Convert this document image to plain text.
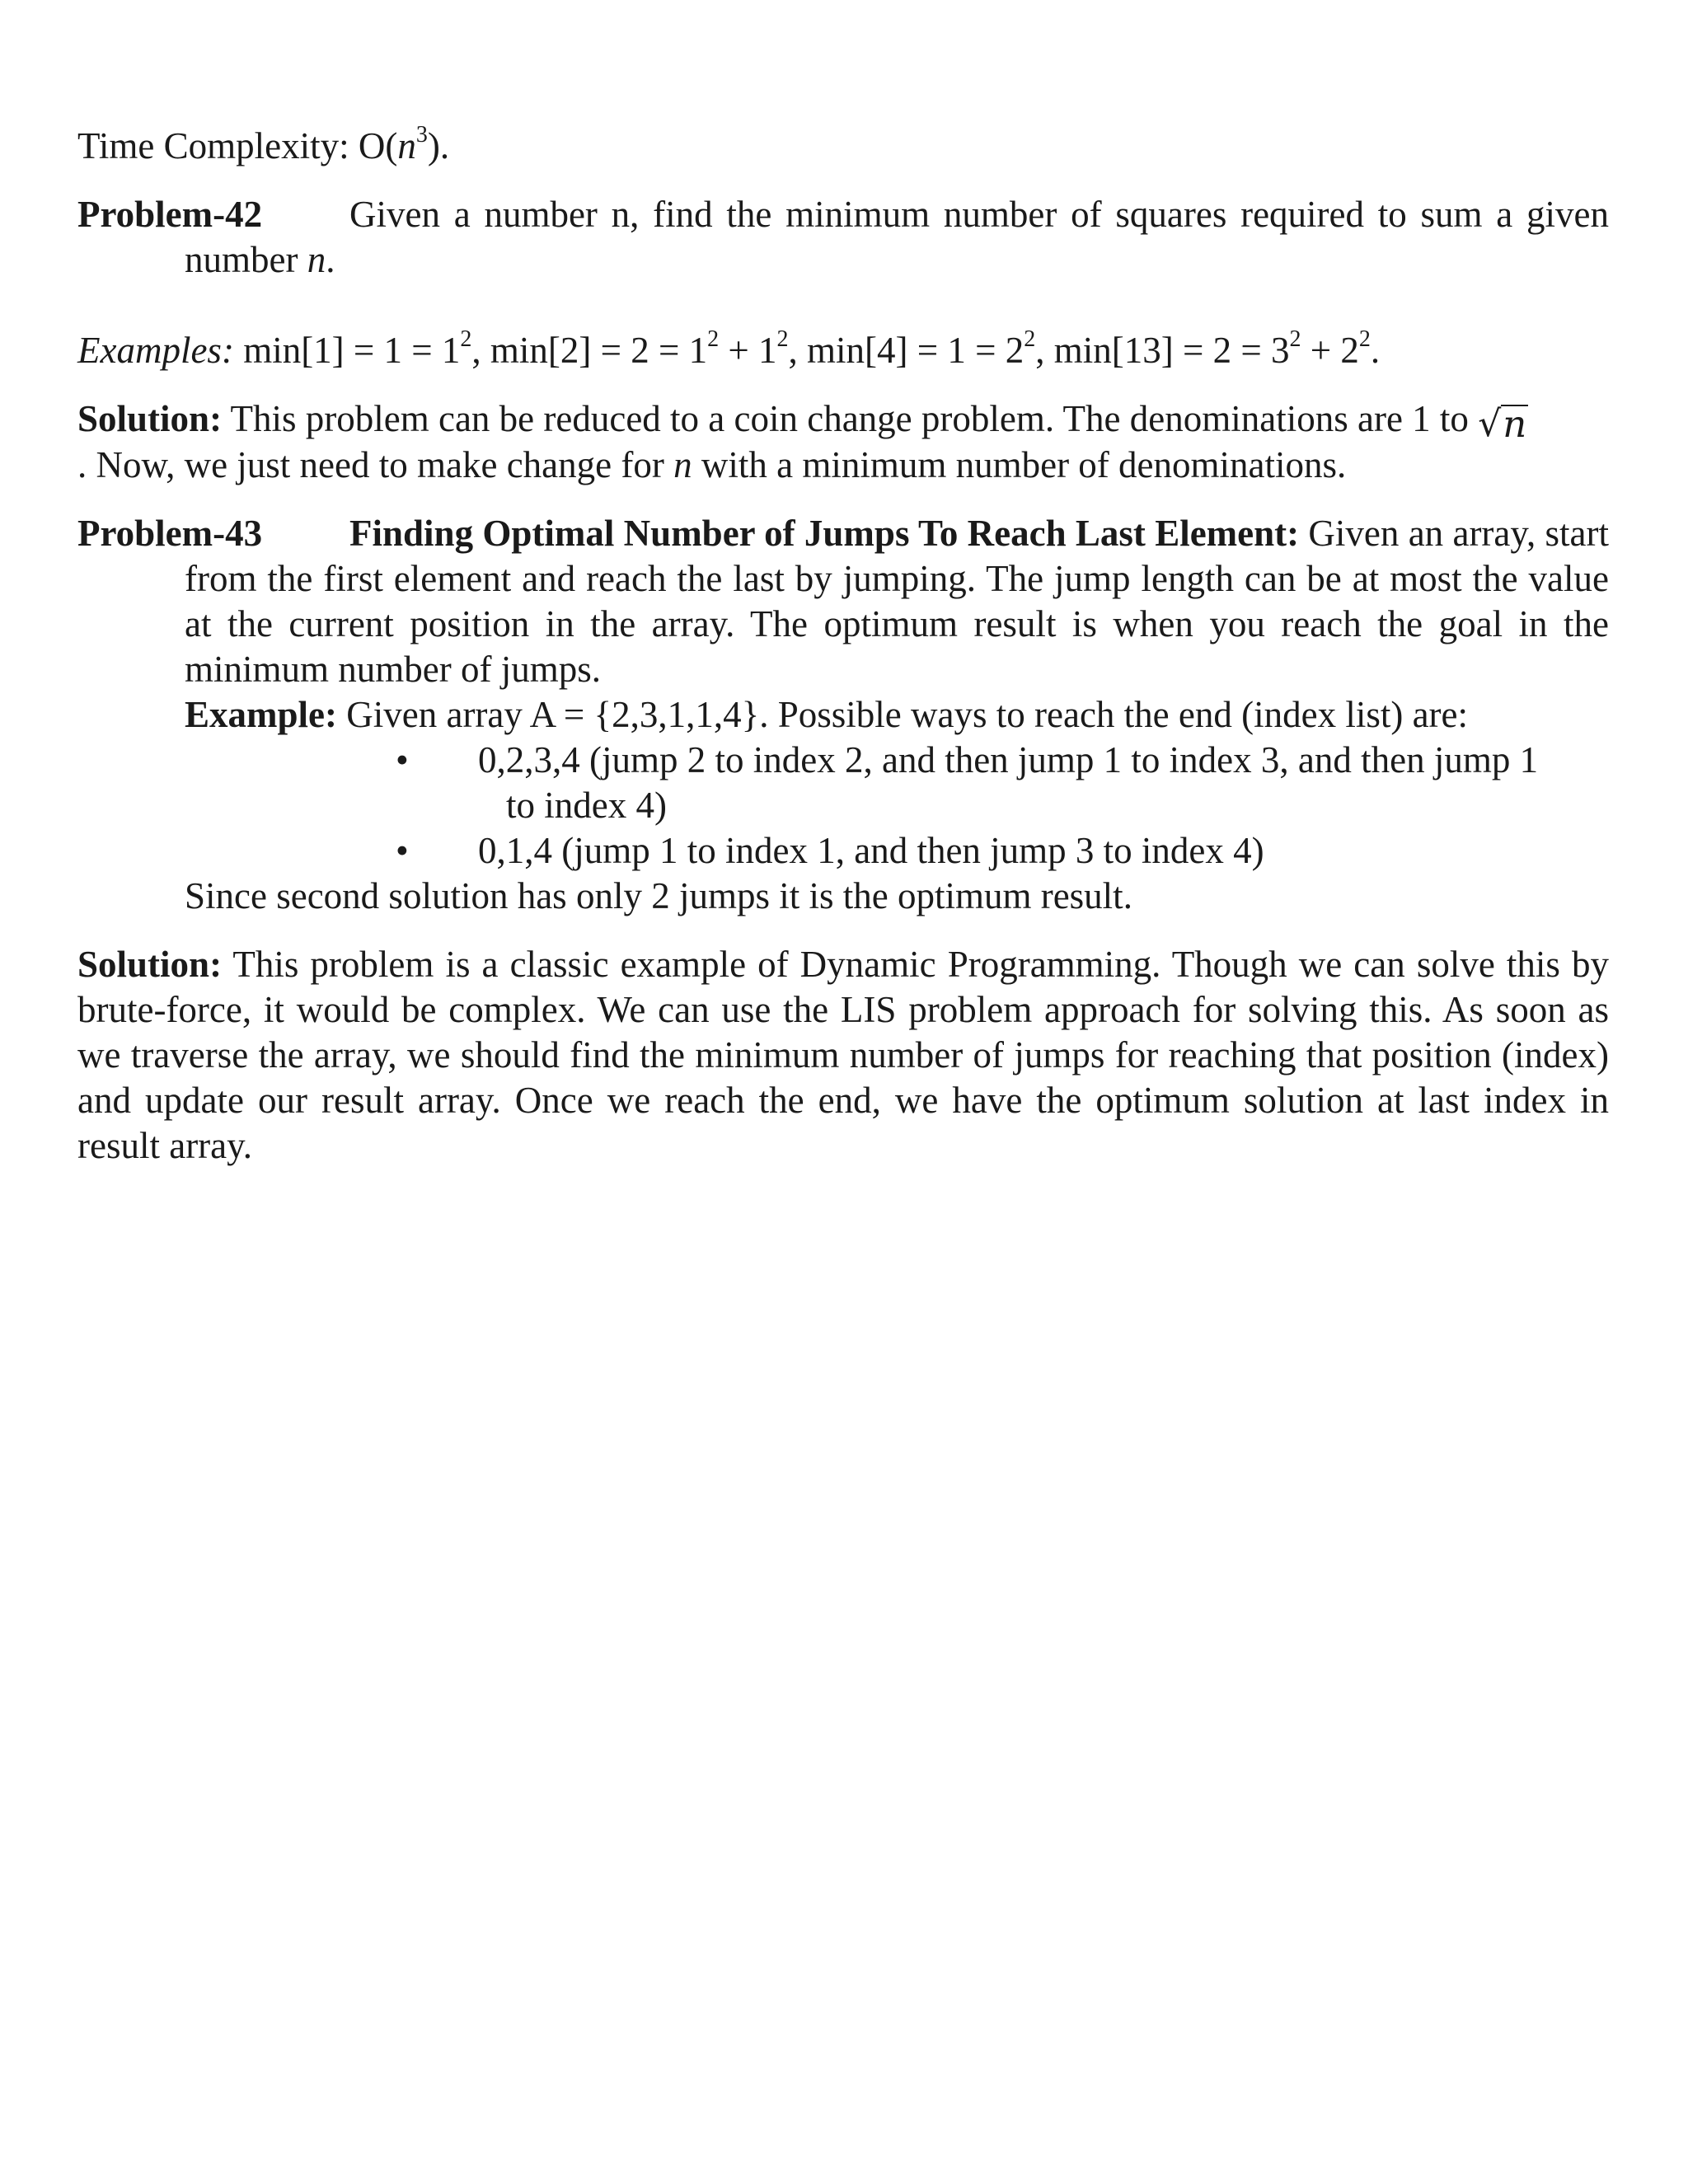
Time Complexity: $O(n^3)$.

Problem-42 Given a number n, find the minimum number of squares required to sum a given number n.

Examples: $\min[1] = 1 = 1^2$, $\min[2] = 2 = 1^2 + 1^2$, $\min[4] = 1 = 2^2$, $\min[13] = 2 = 3^2 + 2^2$.

Solution: This problem can be reduced to a coin change problem. The denominations are 1 to √ n

. Now, we just need to make change for n with a minimum number of denominations.

Problem-43 Finding Optimal Number of Jumps To Reach Last Element: Given an array, start from the first element and reach the last by jumping. The jump length can be at most the value at the current position in the array. The optimum result is when you reach the goal in the minimum number of jumps.

Example: Given array A = {2,3,1,1,4}. Possible ways to reach the end (index list) are:

• 0,2,3,4 (jump 2 to index 2, and then jump 1 to index 3, and then jump 1
to index 4)
• 0,1,4 (jump 1 to index 1, and then jump 3 to index 4)

Since second solution has only 2 jumps it is the optimum result.

Solution: This problem is a classic example of Dynamic Programming. Though we can solve this by brute-force, it would be complex. We can use the LIS problem approach for solving this. As soon as we traverse the array, we should find the minimum number of jumps for reaching that position (index) and update our result array. Once we reach the end, we have the optimum solution at last index in result array.
